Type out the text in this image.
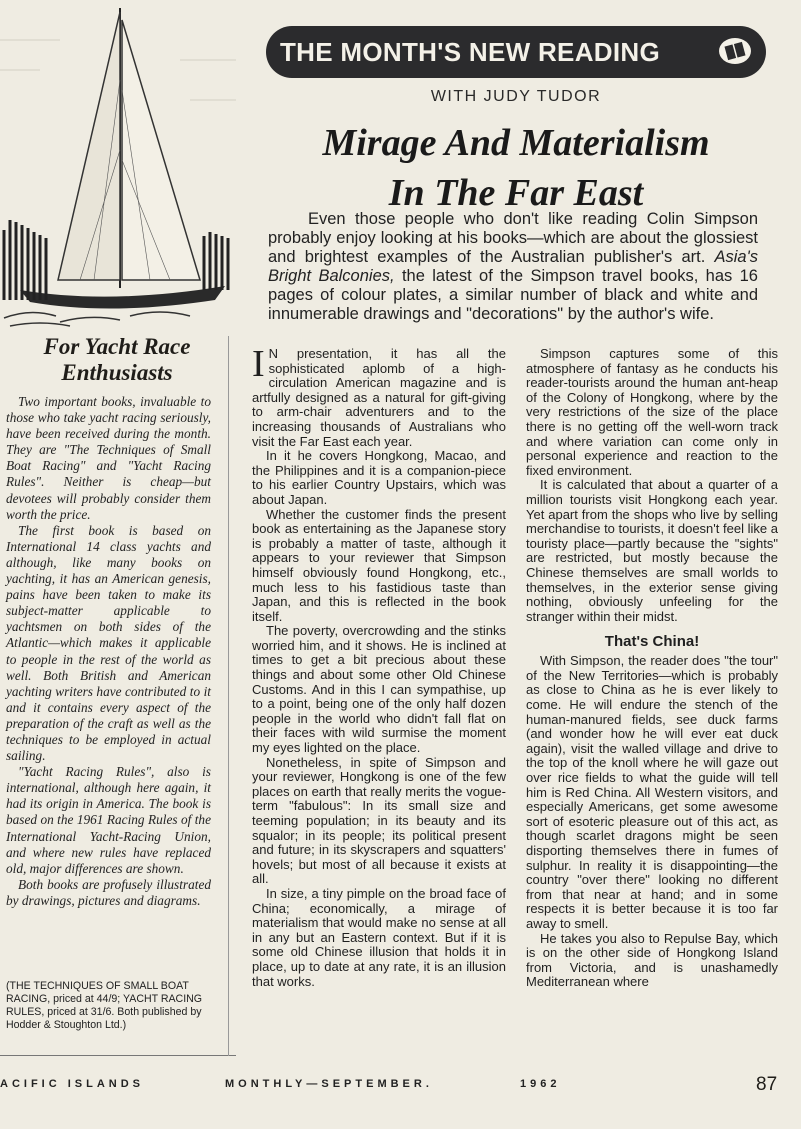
THE MONTH'S NEW READING
WITH JUDY TUDOR
Mirage And Materialism
In The Far East
Even those people who don't like reading Colin Simpson probably enjoy looking at his books—which are about the glossiest and brightest examples of the Australian publisher's art. Asia's Bright Balconies, the latest of the Simpson travel books, has 16 pages of colour plates, a similar number of black and white and innumerable drawings and "decorations" by the author's wife.
For Yacht Race Enthusiasts

Two important books, invaluable to those who take yacht racing seriously, have been received during the month. They are "The Techniques of Small Boat Racing" and "Yacht Racing Rules". Neither is cheap—but devotees will probably consider them worth the price.

The first book is based on International 14 class yachts and although, like many books on yachting, it has an American genesis, pains have been taken to make its subject-matter applicable to yachtsmen on both sides of the Atlantic—which makes it applicable to people in the rest of the world as well. Both British and American yachting writers have contributed to it and it contains every aspect of the preparation of the craft as well as the techniques to be employed in actual sailing.

"Yacht Racing Rules", also is international, although here again, it had its origin in America. The book is based on the 1961 Racing Rules of the International Yacht-Racing Union, and where new rules have replaced old, major differences are shown.

Both books are profusely illustrated by drawings, pictures and diagrams.

(THE TECHNIQUES OF SMALL BOAT RACING, priced at 44/9; YACHT RACING RULES, priced at 31/6. Both published by Hodder & Stoughton Ltd.)

I N presentation, it has all the sophisticated aplomb of a high-circulation American magazine and is artfully designed as a natural for gift-giving to arm-chair adventurers and to the increasing thousands of Australians who visit the Far East each year.

In it he covers Hongkong, Macao, and the Philippines and it is a companion-piece to his earlier Country Upstairs, which was about Japan.

Whether the customer finds the present book as entertaining as the Japanese story is probably a matter of taste, although it appears to your reviewer that Simpson himself obviously found Hongkong, etc., much less to his fastidious taste than Japan, and this is reflected in the book itself.

The poverty, overcrowding and the stinks worried him, and it shows. He is inclined at times to get a bit precious about these things and about some other Old Chinese Customs. And in this I can sympathise, up to a point, being one of the only half dozen people in the world who didn't fall flat on their faces with wild surmise the moment my eyes lighted on the place.

Nonetheless, in spite of Simpson and your reviewer, Hongkong is one of the few places on earth that really merits the vogue-term "fabulous": In its small size and teeming population; in its beauty and its squalor; in its people; its political present and future; in its skyscrapers and squatters' hovels; but most of all because it exists at all.

In size, a tiny pimple on the broad face of China; economically, a mirage of materialism that would make no sense at all in any but an Eastern context. But if it is some old Chinese illusion that holds it in place, up to date at any rate, it is an illusion that works.

Simpson captures some of this atmosphere of fantasy as he conducts his reader-tourists around the human ant-heap of the Colony of Hongkong, where by the very restrictions of the size of the place there is no getting off the well-worn track and where variation can come only in personal experience and reaction to the fixed environment.

It is calculated that about a quarter of a million tourists visit Hongkong each year. Yet apart from the shops who live by selling merchandise to tourists, it doesn't feel like a touristy place—partly because the "sights" are restricted, but mostly because the Chinese themselves are small worlds to themselves, in the exterior sense giving nothing, obviously unfeeling for the stranger within their midst.

That's China!

With Simpson, the reader does "the tour" of the New Territories—which is probably as close to China as he is ever likely to come. He will endure the stench of the human-manured fields, see duck farms (and wonder how he will ever eat duck again), visit the walled village and drive to the top of the knoll where he will gaze out over rice fields to what the guide will tell him is Red China. All Western visitors, and especially Americans, get some awesome sort of esoteric pleasure out of this act, as though scarlet dragons might be seen disporting themselves there in fumes of sulphur. In reality it is disappointing—the country "over there" looking no different from that near at hand; and in some respects it is better because it is too far away to smell.

He takes you also to Repulse Bay, which is on the other side of Hongkong Island from Victoria, and is unashamedly Mediterranean where

ACIFIC ISLANDS	MONTHLY—SEPTEMBER.	1962	87
